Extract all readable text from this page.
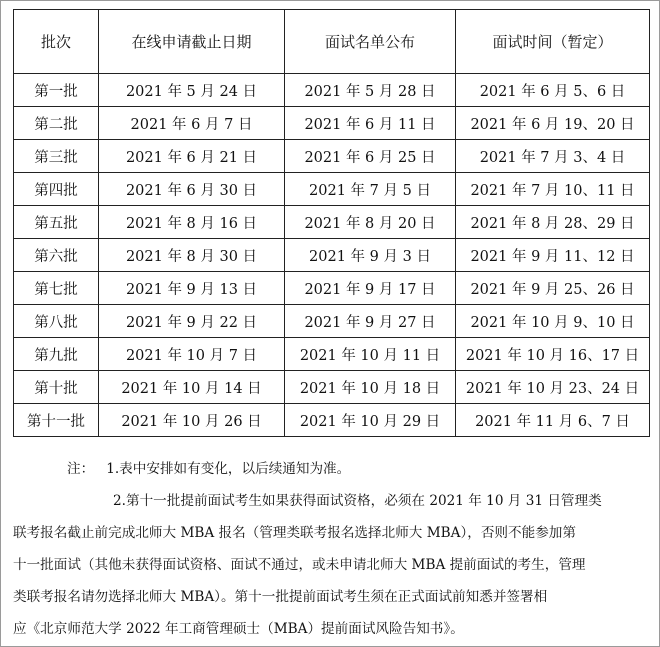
批次	在线申请截止日期	面试名单公布	面试时间（暂定）
第一批	2021 年 5 月 24 日	2021 年 5 月 28 日	2021 年 6 月 5、6 日
第二批	2021 年 6 月 7 日	2021 年 6 月 11 日	2021 年 6 月 19、20 日
第三批	2021 年 6 月 21 日	2021 年 6 月 25 日	2021 年 7 月 3、4 日
第四批	2021 年 6 月 30 日	2021 年 7 月 5 日	2021 年 7 月 10、11 日
第五批	2021 年 8 月 16 日	2021 年 8 月 20 日	2021 年 8 月 28、29 日
第六批	2021 年 8 月 30 日	2021 年 9 月 3 日	2021 年 9 月 11、12 日
第七批	2021 年 9 月 13 日	2021 年 9 月 17 日	2021 年 9 月 25、26 日
第八批	2021 年 9 月 22 日	2021 年 9 月 27 日	2021 年 10 月 9、10 日
第九批	2021 年 10 月 7 日	2021 年 10 月 11 日	2021 年 10 月 16、17 日
第十批	2021 年 10 月 14 日	2021 年 10 月 18 日	2021 年 10 月 23、24 日
第十一批	2021 年 10 月 26 日	2021 年 10 月 29 日	2021 年 11 月 6、7 日
注： 1.表中安排如有变化，以后续通知为准。
2.第十一批提前面试考生如果获得面试资格，必须在 2021 年 10 月 31 日管理类
联考报名截止前完成北师大 MBA 报名（管理类联考报名选择北师大 MBA），否则不能参加第
十一批面试（其他未获得面试资格、面试不通过，或未申请北师大 MBA 提前面试的考生，管理
类联考报名请勿选择北师大 MBA）。第十一批提前面试考生须在正式面试前知悉并签署相
应《北京师范大学 2022 年工商管理硕士（MBA）提前面试风险告知书》。
